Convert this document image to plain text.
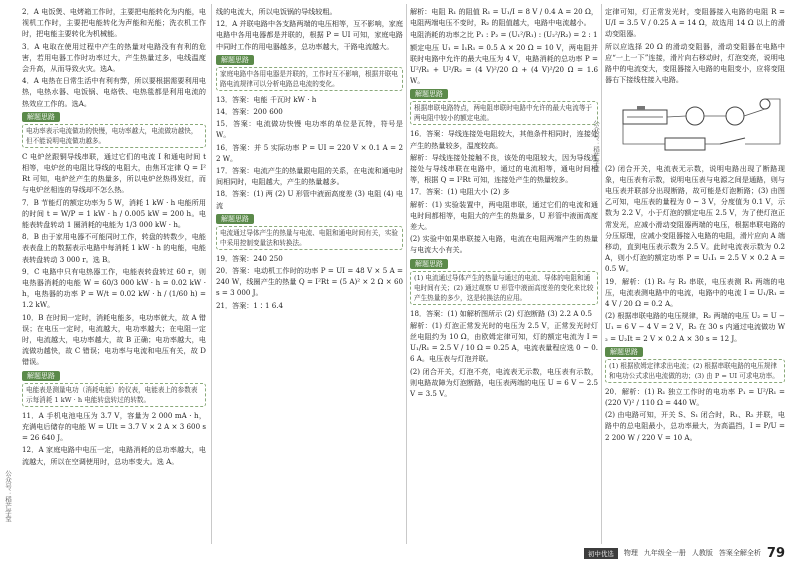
公众号：稻芒学堂
公众号：稻芒学堂
2．A 电饭煲、电烤箱工作时，主要把电能转化为内能，电视机工作时，主要把电能转化为声能和光能；洗衣机工作时，把电能主要转化为机械能。
3．A 电取在使用过程中产生的热量对电路没有有利的危害，若用电器工作时功率过大，产生热量过多，电线温度会升高，从而导致火灾。选A。
4．A 电热在日常生活中有利有弊，所以要根据需要利用电热，电热水器、电饭锅、电烙铁、电热毯都是利用电流的热效应工作的。选A。
解题思路
电功率表示电流做功的快慢，电功率越大，电流做功越快，但不能说明电流做功越多。
C 电炉丝跟铜导线串联，通过它们的电流 I 和通电时间 t 相等，电炉丝的电阻比导线的电阻大，由焦耳定律 Q = I²Rt 可知，电炉丝产生的热量多，所以电炉丝热得发红，而与电炉丝相连的导线却不怎么热。
7．B 节能灯的额定功率为 5 W，消耗 1 kW · h 电能所用的时间 t = W/P = 1 kW · h / 0.005 kW = 200 h。电能表转盘转动 1 圈消耗的电能为 1/3 000 kW · h。
8．B 由于家用电器不可能同时工作，转盘的转数少，电能表表盘上的数据表示电路中每消耗 1 kW · h 的电能，电能表转盘转动 3 000 r。选 B。
9．C 电路中只有电热器工作，电能表转盘转过 60 r，则电热器消耗的电能 W = 60/3 000 kW · h = 0.02 kW · h，电热器的功率 P = W/t = 0.02 kW · h / (1/60 h) = 1.2 kW。
10．B 在时间一定时，消耗电能多，电功率就大，故 A 错误；在电压一定时，电流越大，电功率越大；在电阻一定时，电流越大，电功率越大，故 B 正确；电功率越大，电流做功越快，故 C 错误；电功率与电流和电压有关，故 D 错误。
解题思路
电能表是测量电功（消耗电能）的仪表，电能表上的参数表示每消耗 1 kW · h 电能转盘转过的转数。
11．A 手机电池电压为 3.7 V，容量为 2 000 mA · h，充满电后储存的电能 W = UIt = 3.7 V × 2 A × 3 600 s = 26 640 J。
12．A 家庭电路中电压一定，电路消耗的总功率越大，电流越大，所以在空调使用时，总功率变大。选 A。
线的电流大，所以电饭锅的导线较粗。
12．A 并联电路中各支路两端的电压相等，互不影响，家庭电路中各用电器都是并联的，根据 P = UI 可知，家庭电路中同时工作的用电器越多，总功率越大，干路电流越大。
解题思路
家庭电路中各用电器是并联的，工作时互不影响，根据并联电路电流规律可以分析电路总电流的变化。
13．答案：电能 千瓦时 kW · h
14．答案：200 600
15．答案：电流做功快慢 电功率的单位是瓦特，符号是 W。
16．答案：并 5 实际功率 P = UI = 220 V × 0.1 A = 22 W。
17．答案：电流产生的热量跟电阻的关系，在电流和通电时间相同时，电阻越大，产生的热量越多。
18．答案：(1) 两 (2) U 形管中液面高度差 (3) 电阻 (4) 电流
解题思路
电流通过导体产生的热量与电流、电阻和通电时间有关，实验中采用控制变量法和转换法。
19．答案：240 250
20．答案：电动机工作时的功率 P = UI = 48 V × 5 A = 240 W，线圈产生的热量 Q = I²Rt = (5 A)² × 2 Ω × 60 s = 3 000 J。
21．答案：1∶1 6.4
解析：电阻 R₁ 的阻值 R₁ = U₁/I = 8 V / 0.4 A = 20 Ω，电阻两端电压不变时，R₂ 的阻值越大，电路中电流越小。
电阻消耗的功率之比 P₁ : P₂ = (U₁²/R₁) : (U₂²/R₂) = 2 : 1
额定电压 U₁ = I₁R₁ = 0.5 A × 20 Ω = 10 V，两电阻并联时电路中允许的最大电压为 4 V，电路消耗的总功率 P = U²/R₁ + U²/R₂ = (4 V)²/20 Ω + (4 V)²/20 Ω = 1.6 W。
解题思路
根据串联电路特点，两电阻串联时电路中允许的最大电流等于两电阻中较小的额定电流。
16．答案：导线连接处电阻较大，其他条件相同时，连接处产生的热量较多，温度较高。
解析：导线连接处接触不良，该处的电阻较大，因为导线连接处与导线串联在电路中，通过的电流相等，通电时间相等，根据 Q = I²Rt 可知，连接处产生的热量较多。
17．答案：(1) 电阻大小 (2) 多
解析：(1) 实验装置中，两电阻串联，通过它们的电流和通电时间都相等，电阻大的产生的热量多，U 形管中液面高度差大。
(2) 实验中如果串联接入电路，电流在电阻两端产生的热量与电流大小有关。
解题思路
(1) 电流通过导体产生的热量与通过的电流、导体的电阻和通电时间有关；(2) 通过观察 U 形管中液面高度差的变化来比较产生热量的多少，这是转换法的应用。
18．答案：(1) 如解析图所示 (2) 灯泡断路 (3) 2.2 A 0.5
解析：(1) 灯泡正常发光时的电压为 2.5 V，正常发光时灯丝电阻约为 10 Ω，由欧姆定律可知，灯的额定电流为 I = U₁/R₁ = 2.5 V / 10 Ω = 0.25 A，电流表量程应选 0 ~ 0.6 A。电压表与灯泡并联。
(2) 闭合开关，灯泡不亮，电流表无示数，电压表有示数，则电路故障为灯泡断路，电压表两端的电压 U = 6 V − 2.5 V = 3.5 V。
定律可知，灯正常发光时，变阻器接入电路的电阻 R = U/I = 3.5 V / 0.25 A = 14 Ω，故选用 14 Ω 以上的滑动变阻器。
所以应选择 20 Ω 的滑动变阻器，滑动变阻器在电路中应“一上一下”连接，滑片向右移动时，灯泡变亮，说明电路中的电流变大，变阻器接入电路的电阻变小，应将变阻器右下接线柱接入电路。
(2) 闭合开关，电流表无示数，说明电路出现了断路现象，电压表有示数，说明电压表与电源之间是通路，则与电压表并联部分出现断路，故可能是灯泡断路；(3) 由图乙可知，电压表的量程为 0 ~ 3 V，分度值为 0.1 V，示数为 2.2 V，小于灯泡的额定电压 2.5 V，为了使灯泡正常发光，应减小滑动变阻器两端的电压，根据串联电路的分压原理，应减小变阻器接入电路的电阻，滑片应向 A 端移动，直到电压表示数为 2.5 V。此时电流表示数为 0.2 A，则小灯泡的额定功率 P = U₁I₁ = 2.5 V × 0.2 A = 0.5 W。
19．解析：(1) R₁ 与 R₂ 串联，电压表测 R₁ 两端的电压，电流表测电路中的电流，电路中的电流 I = U₁/R₁ = 4 V / 20 Ω = 0.2 A。
(2) 根据串联电路的电压规律，R₂ 两端的电压 U₂ = U − U₁ = 6 V − 4 V = 2 V，R₂ 在 30 s 内通过电流做功 W₂ = U₂It = 2 V × 0.2 A × 30 s = 12 J。
解题思路
(1) 根据欧姆定律求出电流；(2) 根据串联电路的电压规律和电功公式求出电流做的功；(3) 由 P = UI 可求电功率。
20．解析：(1) R₁ 独立工作时的电功率 P₁ = U²/R₁ = (220 V)² / 110 Ω = 440 W。
(2) 由电路可知，开关 S、S₁ 闭合时，R₁、R₂ 并联，电路中的总电阻最小，总功率最大，为高温挡，I = P/U = 2 200 W / 220 V = 10 A。
初中优选	物理 九年级全一册 人教版 答案全解全析 79
